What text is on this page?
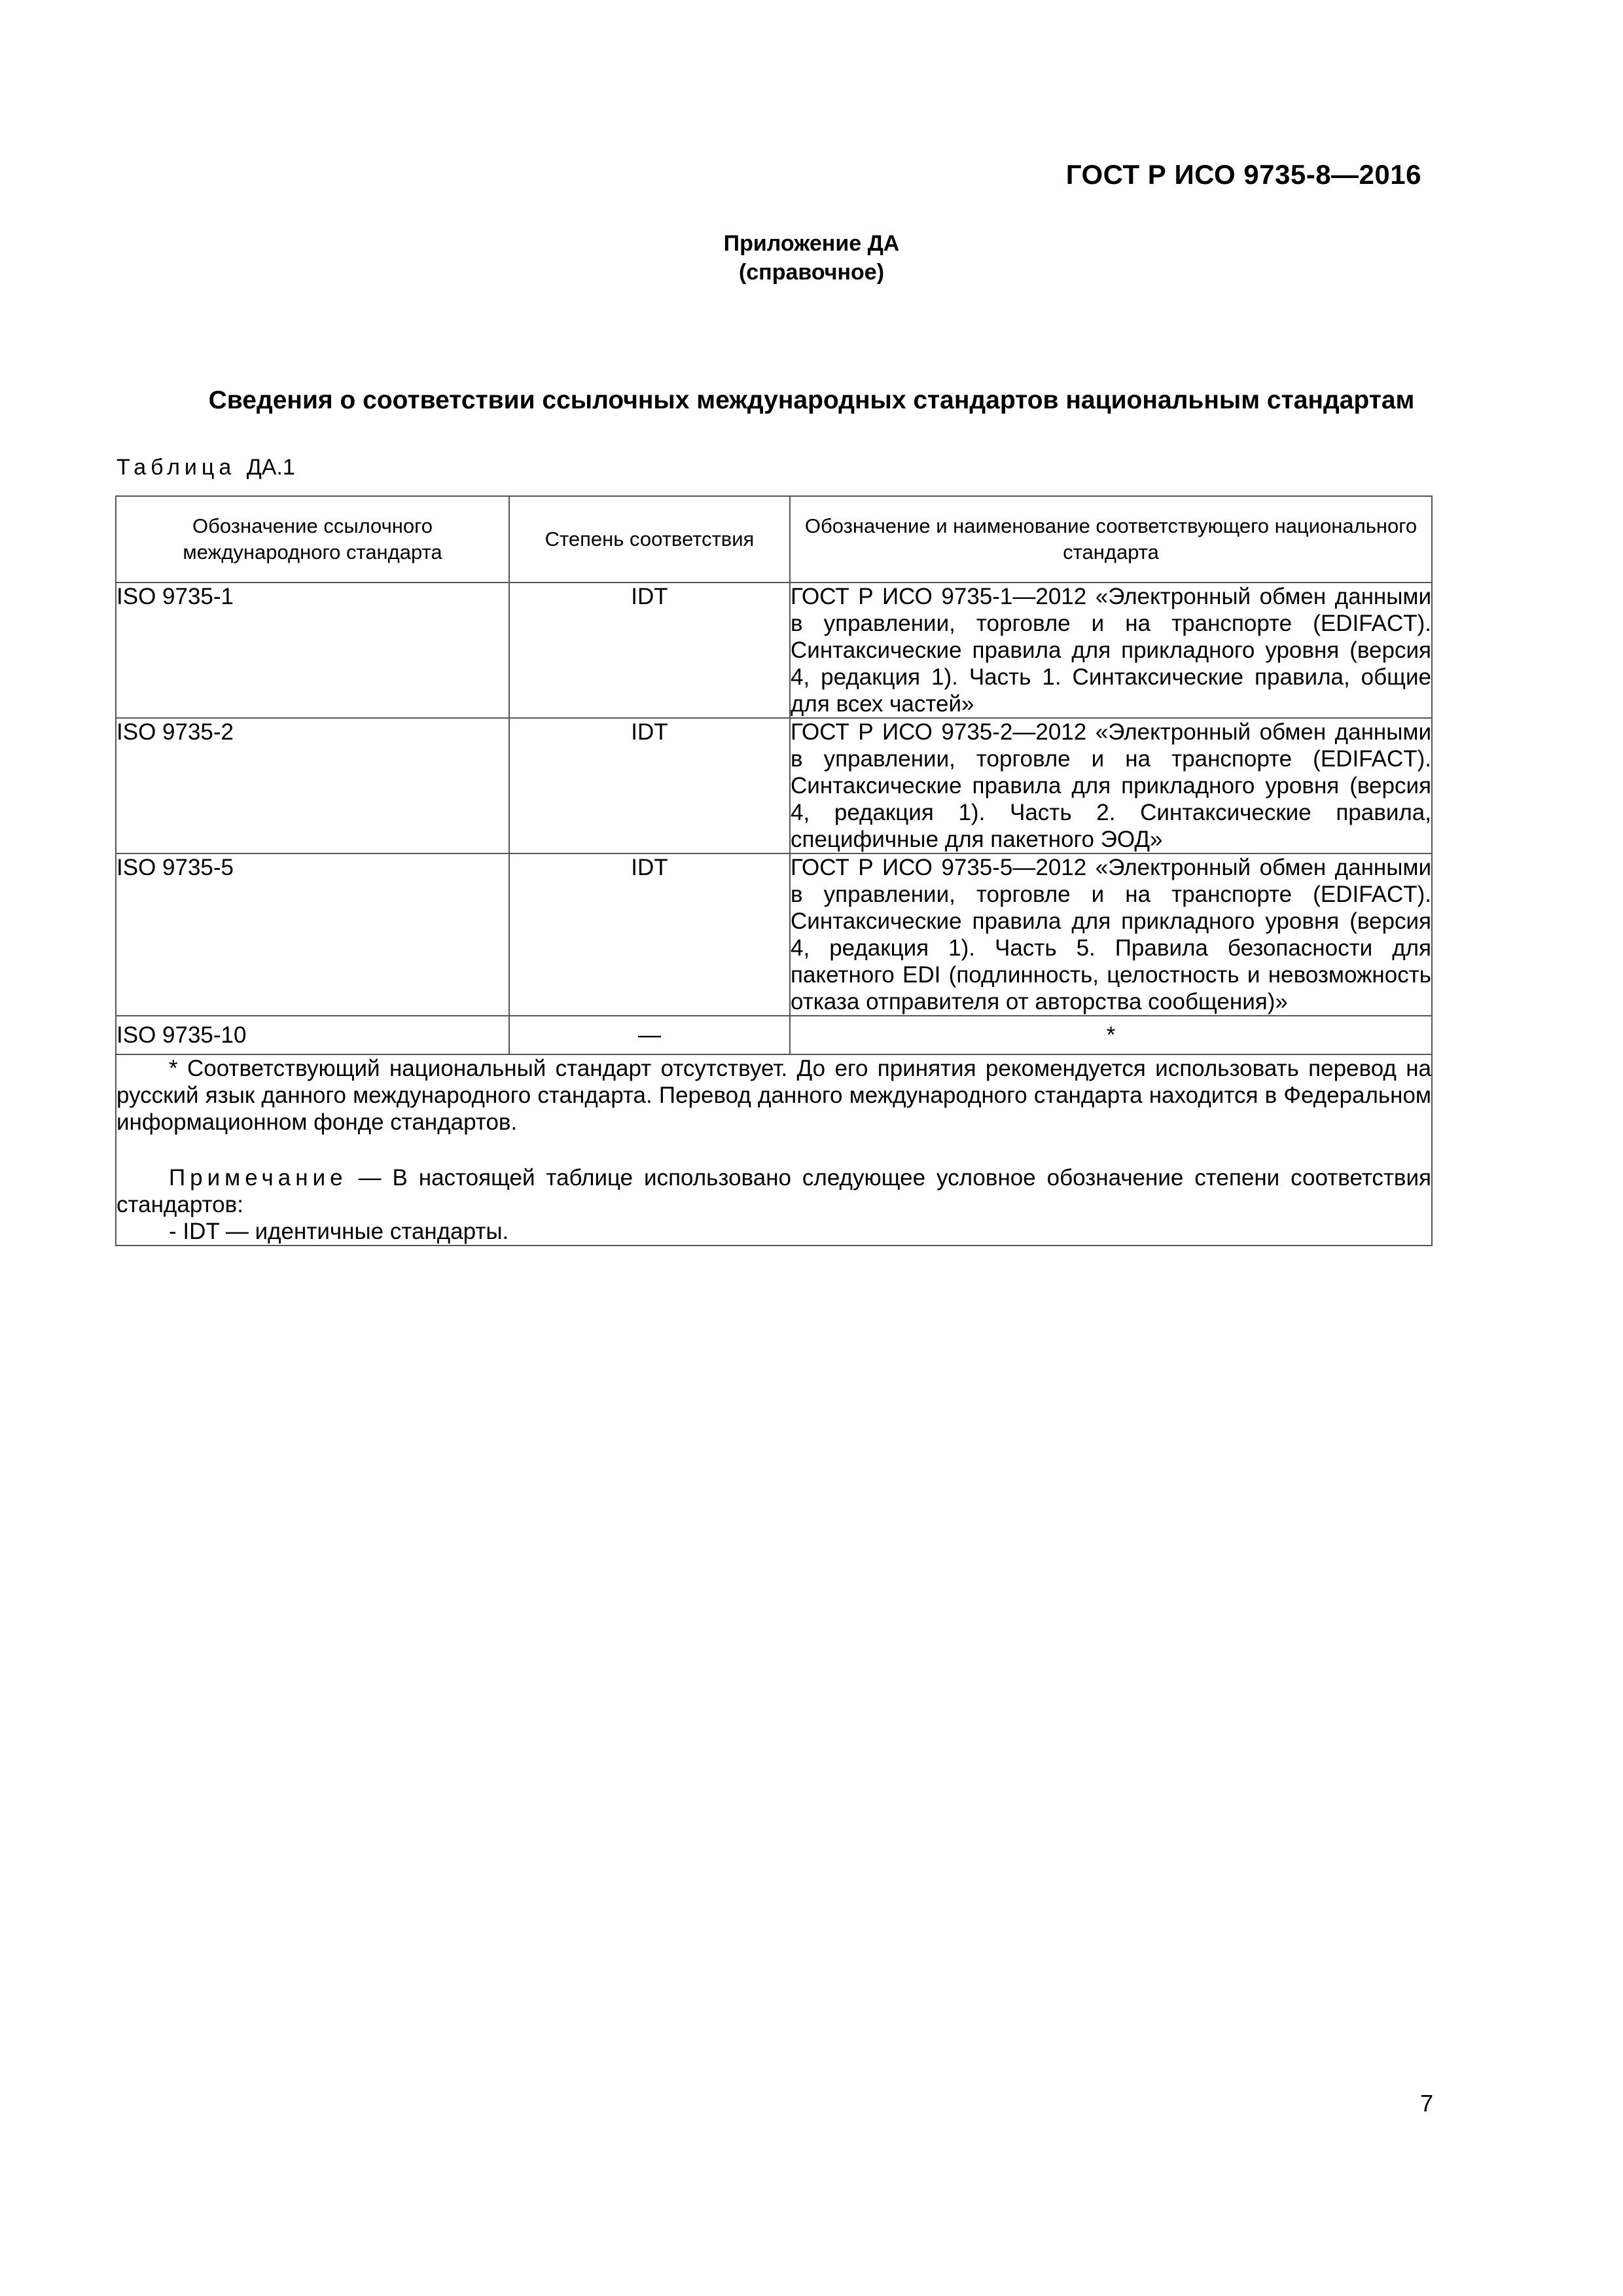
ГОСТ Р ИСО 9735-8—2016
Приложение ДА
(справочное)
Сведения о соответствии ссылочных международных стандартов национальным стандартам
Таблица ДА.1
Обозначение ссылочного международного стандарта	Степень соответствия	Обозначение и наименование соответствующего национального стандарта
ISO 9735-1	IDT	ГОСТ Р ИСО 9735-1—2012 «Электронный обмен данными в управлении, торговле и на транспорте (EDIFACT). Синтаксические правила для прикладного уровня (версия 4, редакция 1). Часть 1. Синтаксические правила, общие для всех частей»
ISO 9735-2	IDT	ГОСТ Р ИСО 9735-2—2012 «Электронный обмен данными в управлении, торговле и на транспорте (EDIFACT). Синтаксические правила для прикладного уровня (версия 4, редакция 1). Часть 2. Синтаксические правила, специфичные для пакетного ЭОД»
ISO 9735-5	IDT	ГОСТ Р ИСО 9735-5—2012 «Электронный обмен данными в управлении, торговле и на транспорте (EDIFACT). Синтаксические правила для прикладного уровня (версия 4, редакция 1). Часть 5. Правила безопасности для пакетного EDI (подлинность, целостность и невозможность отказа отправителя от авторства сообщения)»
ISO 9735-10	—	*

* Соответствующий национальный стандарт отсутствует. До его принятия рекомендуется использовать перевод на русский язык данного международного стандарта. Перевод данного международного стандарта находится в Федеральном информационном фонде стандартов.

Примечание — В настоящей таблице использовано следующее условное обозначение степени соответствия стандартов:

- IDT — идентичные стандарты.		

7
